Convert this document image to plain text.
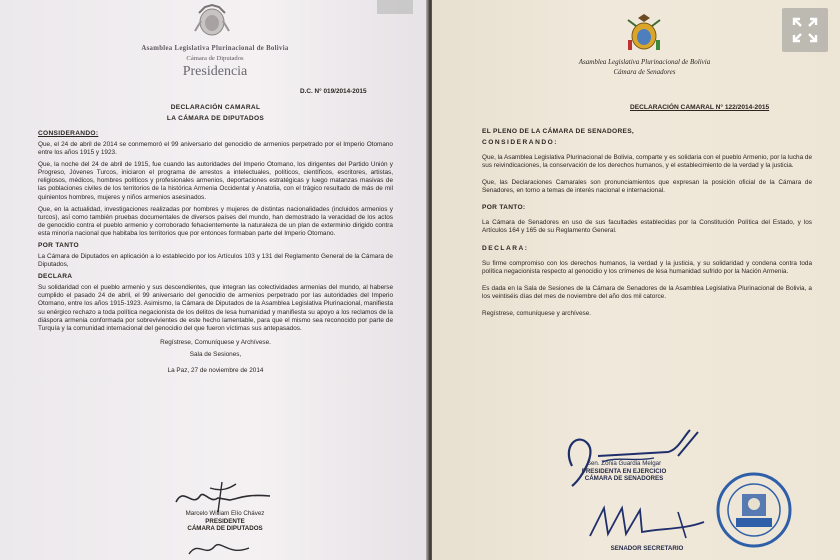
Asamblea Legislativa Plurinacional de Bolivia
Cámara de Diputados
Presidencia
D.C. N° 019/2014-2015
DECLARACIÓN CAMARAL
LA CÁMARA DE DIPUTADOS
CONSIDERANDO:

Que, el 24 de abril de 2014 se conmemoró el 99 aniversario del genocidio de armenios perpetrado por el Imperio Otomano entre los años 1915 y 1923.

Que, la noche del 24 de abril de 1915, fue cuando las autoridades del Imperio Otomano, los dirigentes del Partido Unión y Progreso, Jóvenes Turcos, iniciaron el programa de arrestos a intelectuales, políticos, científicos, escritores, artistas, religiosos, médicos, hombres políticos y profesionales armenios, deportaciones estratégicas y luego matanzas masivas de las poblaciones civiles de los territorios de la histórica Armenia Occidental y Anatolia, con el trágico resultado de más de mil quinientos hombres, mujeres y niños armenios asesinados.

Que, en la actualidad, investigaciones realizadas por hombres y mujeres de distintas nacionalidades (incluidos armenios y turcos), así como también pruebas documentales de diversos países del mundo, han demostrado la veracidad de los actos de genocidio contra el pueblo armenio y corroborado fehacientemente la naturaleza de un plan de exterminio dirigido contra esta minoría nacional que habitaba los territorios que por entonces formaban parte del Imperio Otomano.

POR TANTO

La Cámara de Diputados en aplicación a lo establecido por los Artículos 103 y 131 del Reglamento General de la Cámara de Diputados,

DECLARA

Su solidaridad con el pueblo armenio y sus descendientes, que integran las colectividades armenias del mundo, al haberse cumplido el pasado 24 de abril, el 99 aniversario del genocidio de armenios perpetrado por las autoridades del Imperio Otomano, entre los años 1915-1923. Asimismo, la Cámara de Diputados de la Asamblea Legislativa Plurinacional, manifiesta su enérgico rechazo a toda política negacionista de los delitos de lesa humanidad y manifiesta su apoyo a los reclamos de la diáspora armenia conformada por sobrevivientes de este hecho lamentable, para que el mismo sea reconocido por parte de Turquía y la comunidad internacional del genocidio del que fueron víctimas sus antepasados.

Regístrese, Comuníquese y Archívese.

Sala de Sesiones,

La Paz, 27 de noviembre de 2014

Marcelo William Elío Chávez
PRESIDENTE
CÁMARA DE DIPUTADOS
Asamblea Legislativa Plurinacional de Bolivia
Cámara de Senadores
DECLARACIÓN CAMARAL N° 122/2014-2015
EL PLENO DE LA CÁMARA DE SENADORES,
CONSIDERANDO:

Que, la Asamblea Legislativa Plurinacional de Bolivia, comparte y es solidaria con el pueblo Armenio, por la lucha de sus reivindicaciones, la conservación de los derechos humanos, y el establecimiento de la verdad y la justicia.

Que, las Declaraciones Camarales son pronunciamientos que expresan la posición oficial de la Cámara de Senadores, en torno a temas de interés nacional e internacional.

POR TANTO:

La Cámara de Senadores en uso de sus facultades establecidas por la Constitución Política del Estado, y los Artículos 164 y 165 de su Reglamento General.

DECLARA:

Su firme compromiso con los derechos humanos, la verdad y la justicia, y su solidaridad y condena contra toda política negacionista respecto al genocidio y los crímenes de lesa humanidad sufrido por la Nación Armenia.

Es dada en la Sala de Sesiones de la Cámara de Senadores de la Asamblea Legislativa Plurinacional de Bolivia, a los veintiséis días del mes de noviembre del año dos mil catorce.

Regístrese, comuníquese y archívese.

Sen. Zonia Guardia Melgar
PRESIDENTA EN EJERCICIO
CÁMARA DE SENADORES
SENADOR SECRETARIO
